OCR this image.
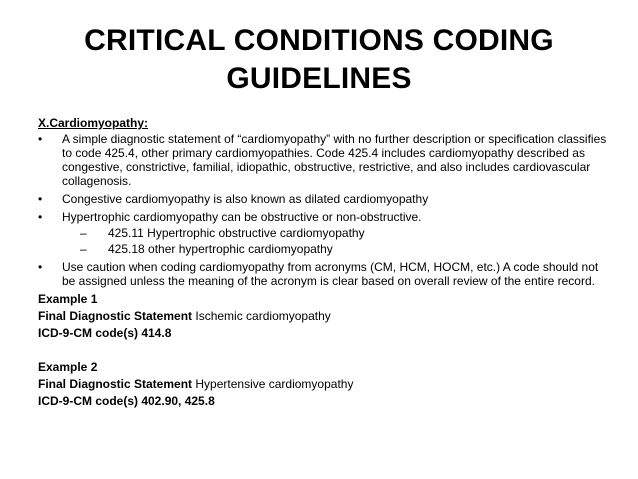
CRITICAL CONDITIONS CODING
GUIDELINES
X.Cardiomyopathy:
• A simple diagnostic statement of “cardiomyopathy” with no further description or specification classifies to code 425.4, other primary cardiomyopathies. Code 425.4 includes cardiomyopathy described as congestive, constrictive, familial, idiopathic, obstructive, restrictive, and also includes cardiovascular collagenosis.
• Congestive cardiomyopathy is also known as dilated cardiomyopathy
• Hypertrophic cardiomyopathy can be obstructive or non-obstructive.
– 425.11 Hypertrophic obstructive cardiomyopathy
– 425.18 other hypertrophic cardiomyopathy
• Use caution when coding cardiomyopathy from acronyms (CM, HCM, HOCM, etc.) A code should not be assigned unless the meaning of the acronym is clear based on overall review of the entire record.
Example 1
Final Diagnostic Statement Ischemic cardiomyopathy
ICD-9-CM code(s) 414.8
Example 2
Final Diagnostic Statement Hypertensive cardiomyopathy
ICD-9-CM code(s) 402.90, 425.8
